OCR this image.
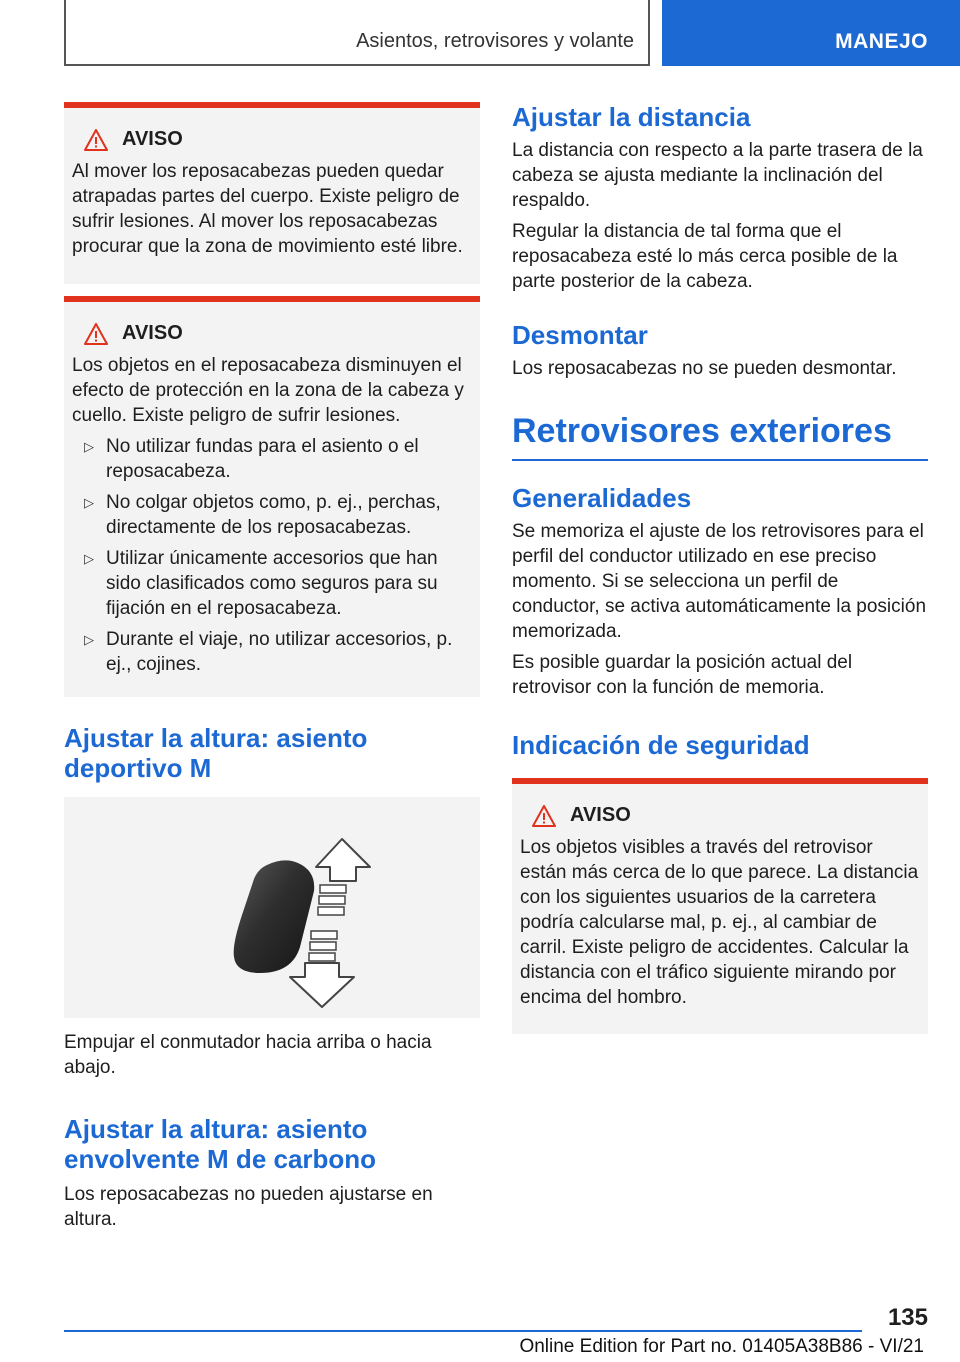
Asientos, retrovisores y volante	MANEJO
AVISO

Al mover los reposacabezas pueden quedar atrapadas partes del cuerpo. Existe peligro de sufrir lesiones. Al mover los reposacabezas procurar que la zona de movimiento esté libre.

AVISO

Los objetos en el reposacabeza disminuyen el efecto de protección en la zona de la cabeza y cuello. Existe peligro de sufrir lesiones.

▷ No utilizar fundas para el asiento o el reposacabeza.
▷ No colgar objetos como, p. ej., perchas, directamente de los reposacabezas.
▷ Utilizar únicamente accesorios que han sido clasificados como seguros para su fijación en el reposacabeza.
▷ Durante el viaje, no utilizar accesorios, p. ej., cojines.
Ajustar la altura: asiento deportivo M

Empujar el conmutador hacia arriba o hacia abajo.

Ajustar la altura: asiento envolvente M de carbono

Los reposacabezas no pueden ajustarse en altura.

Ajustar la distancia

La distancia con respecto a la parte trasera de la cabeza se ajusta mediante la inclinación del respaldo.

Regular la distancia de tal forma que el reposacabeza esté lo más cerca posible de la parte posterior de la cabeza.

Desmontar

Los reposacabezas no se pueden desmontar.

Retrovisores exteriores
Generalidades

Se memoriza el ajuste de los retrovisores para el perfil del conductor utilizado en ese preciso momento. Si se selecciona un perfil de conductor, se activa automáticamente la posición memorizada.

Es posible guardar la posición actual del retrovisor con la función de memoria.

Indicación de seguridad
AVISO

Los objetos visibles a través del retrovisor están más cerca de lo que parece. La distancia con los siguientes usuarios de la carretera podría calcularse mal, p. ej., al cambiar de carril. Existe peligro de accidentes. Calcular la distancia con el tráfico siguiente mirando por encima del hombro.

135
Online Edition for Part no. 01405A38B86 - VI/21
